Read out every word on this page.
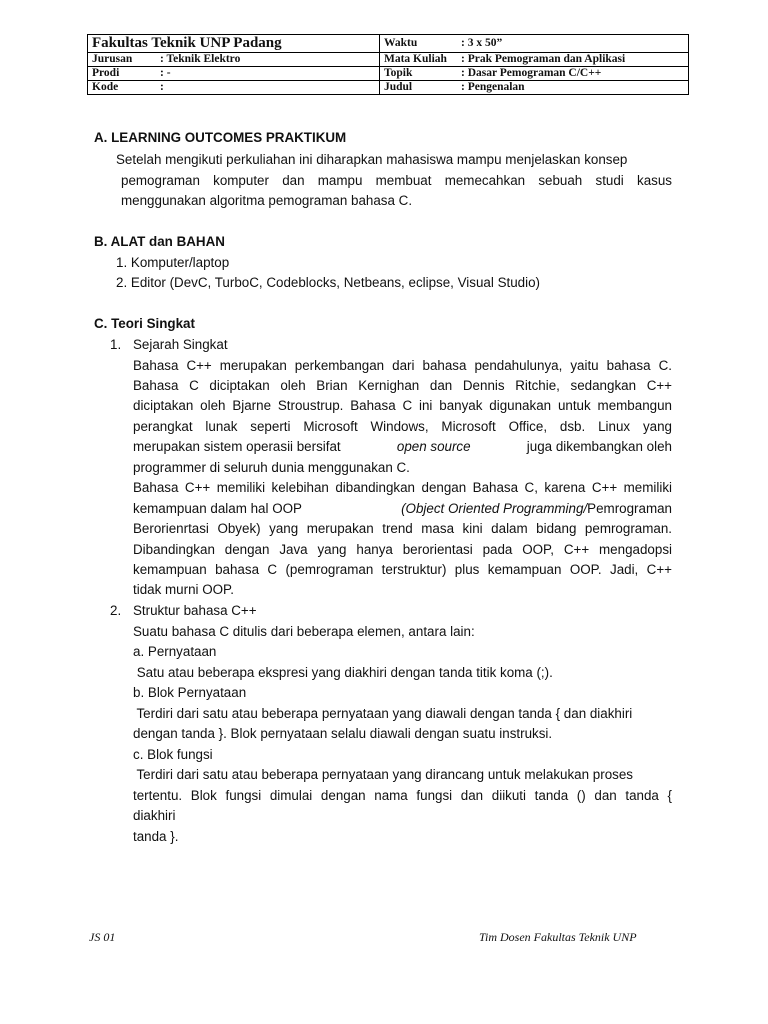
Fakultas Teknik UNP Padang	Waktu : 3 x 50”
Jurusan : Teknik Elektro	Mata Kuliah : Prak Pemograman dan Aplikasi
Prodi : -	Topik : Dasar Pemograman C/C++
Kode :	Judul : Pengenalan
A. LEARNING OUTCOMES PRAKTIKUM
Setelah mengikuti perkuliahan ini diharapkan mahasiswa mampu menjelaskan konsep
pemograman komputer dan mampu membuat memecahkan sebuah studi kasus
menggunakan algoritma pemograman bahasa C.
B. ALAT dan BAHAN
1. Komputer/laptop
2. Editor (DevC, TurboC, Codeblocks, Netbeans, eclipse, Visual Studio)
C. Teori Singkat
1. Sejarah Singkat
Bahasa C++ merupakan perkembangan dari bahasa pendahulunya, yaitu bahasa C.
Bahasa C diciptakan oleh Brian Kernighan dan Dennis Ritchie, sedangkan C++
diciptakan oleh Bjarne Stroustrup. Bahasa C ini banyak digunakan untuk membangun
perangkat lunak seperti Microsoft Windows, Microsoft Office, dsb. Linux yang
merupakan sistem operasii bersifat	open source	juga dikembangkan oleh
programmer di seluruh dunia menggunakan C.
Bahasa C++ memiliki kelebihan dibandingkan dengan Bahasa C, karena C++ memiliki
kemampuan dalam hal OOP	(Object Oriented Programming/Pemrograman
Berorienrtasi Obyek) yang merupakan trend masa kini dalam bidang pemrograman.
Dibandingkan dengan Java yang hanya berorientasi pada OOP, C++ mengadopsi
kemampuan bahasa C (pemrograman terstruktur) plus kemampuan OOP. Jadi, C++
tidak murni OOP.
2. Struktur bahasa C++
Suatu bahasa C ditulis dari beberapa elemen, antara lain:
a. Pernyataan
Satu atau beberapa ekspresi yang diakhiri dengan tanda titik koma (;).
b. Blok Pernyataan
Terdiri dari satu atau beberapa pernyataan yang diawali dengan tanda { dan diakhiri
dengan tanda }. Blok pernyataan selalu diawali dengan suatu instruksi.
c. Blok fungsi
Terdiri dari satu atau beberapa pernyataan yang dirancang untuk melakukan proses
tertentu. Blok fungsi dimulai dengan nama fungsi dan diikuti tanda () dan tanda {
diakhiri
tanda }.
JS 01	Tim Dosen Fakultas Teknik UNP
